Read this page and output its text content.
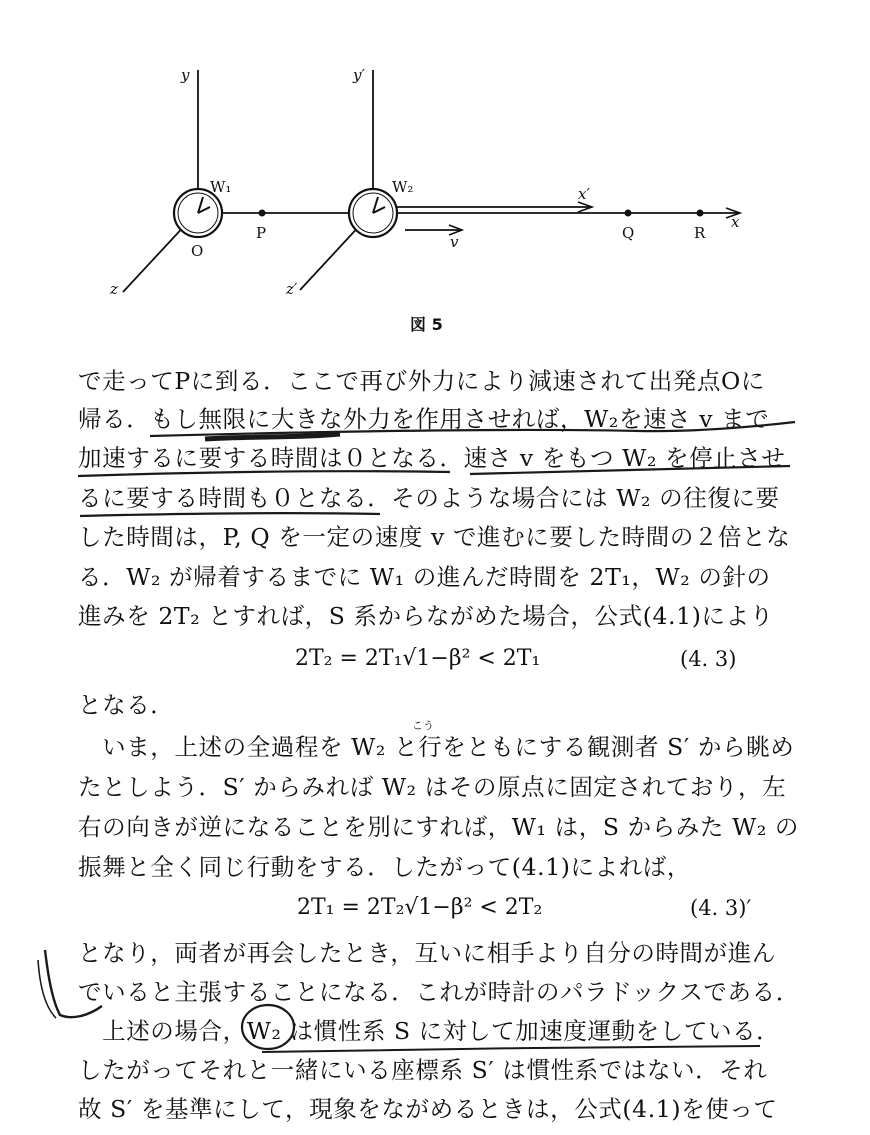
y	y′
z	z′
x
x′
W₁	W₂
O
P	Q	R
v
図 5
で走ってPに到る．ここで再び外力により減速されて出発点Oに
帰る．もし無限に大きな外力を作用させれば，W₂を速さ v まで
加速するに要する時間は０となる．速さ v をもつ W₂ を停止させ
るに要する時間も０となる．そのような場合には W₂ の往復に要
した時間は，P, Q を一定の速度 v で進むに要した時間の２倍とな
る．W₂ が帰着するまでに W₁ の進んだ時間を 2T₁，W₂ の針の
進みを 2T₂ とすれば，S 系からながめた場合，公式(4.1)により
2T₂ = 2T₁√1−β² < 2T₁	(4. 3)
となる．
こう
　いま，上述の全過程を W₂ と行をともにする観測者 S′ から眺め
たとしよう．S′ からみれば W₂ はその原点に固定されており，左
右の向きが逆になることを別にすれば，W₁ は，S からみた W₂ の
振舞と全く同じ行動をする．したがって(4.1)によれば，
2T₁ = 2T₂√1−β² < 2T₂	(4. 3)′
となり，両者が再会したとき，互いに相手より自分の時間が進ん
でいると主張することになる．これが時計のパラドックスである．
　上述の場合，W₂ は慣性系 S に対して加速度運動をしている．
したがってそれと一緒にいる座標系 S′ は慣性系ではない．それ
故 S′ を基準にして，現象をながめるときは，公式(4.1)を使って
